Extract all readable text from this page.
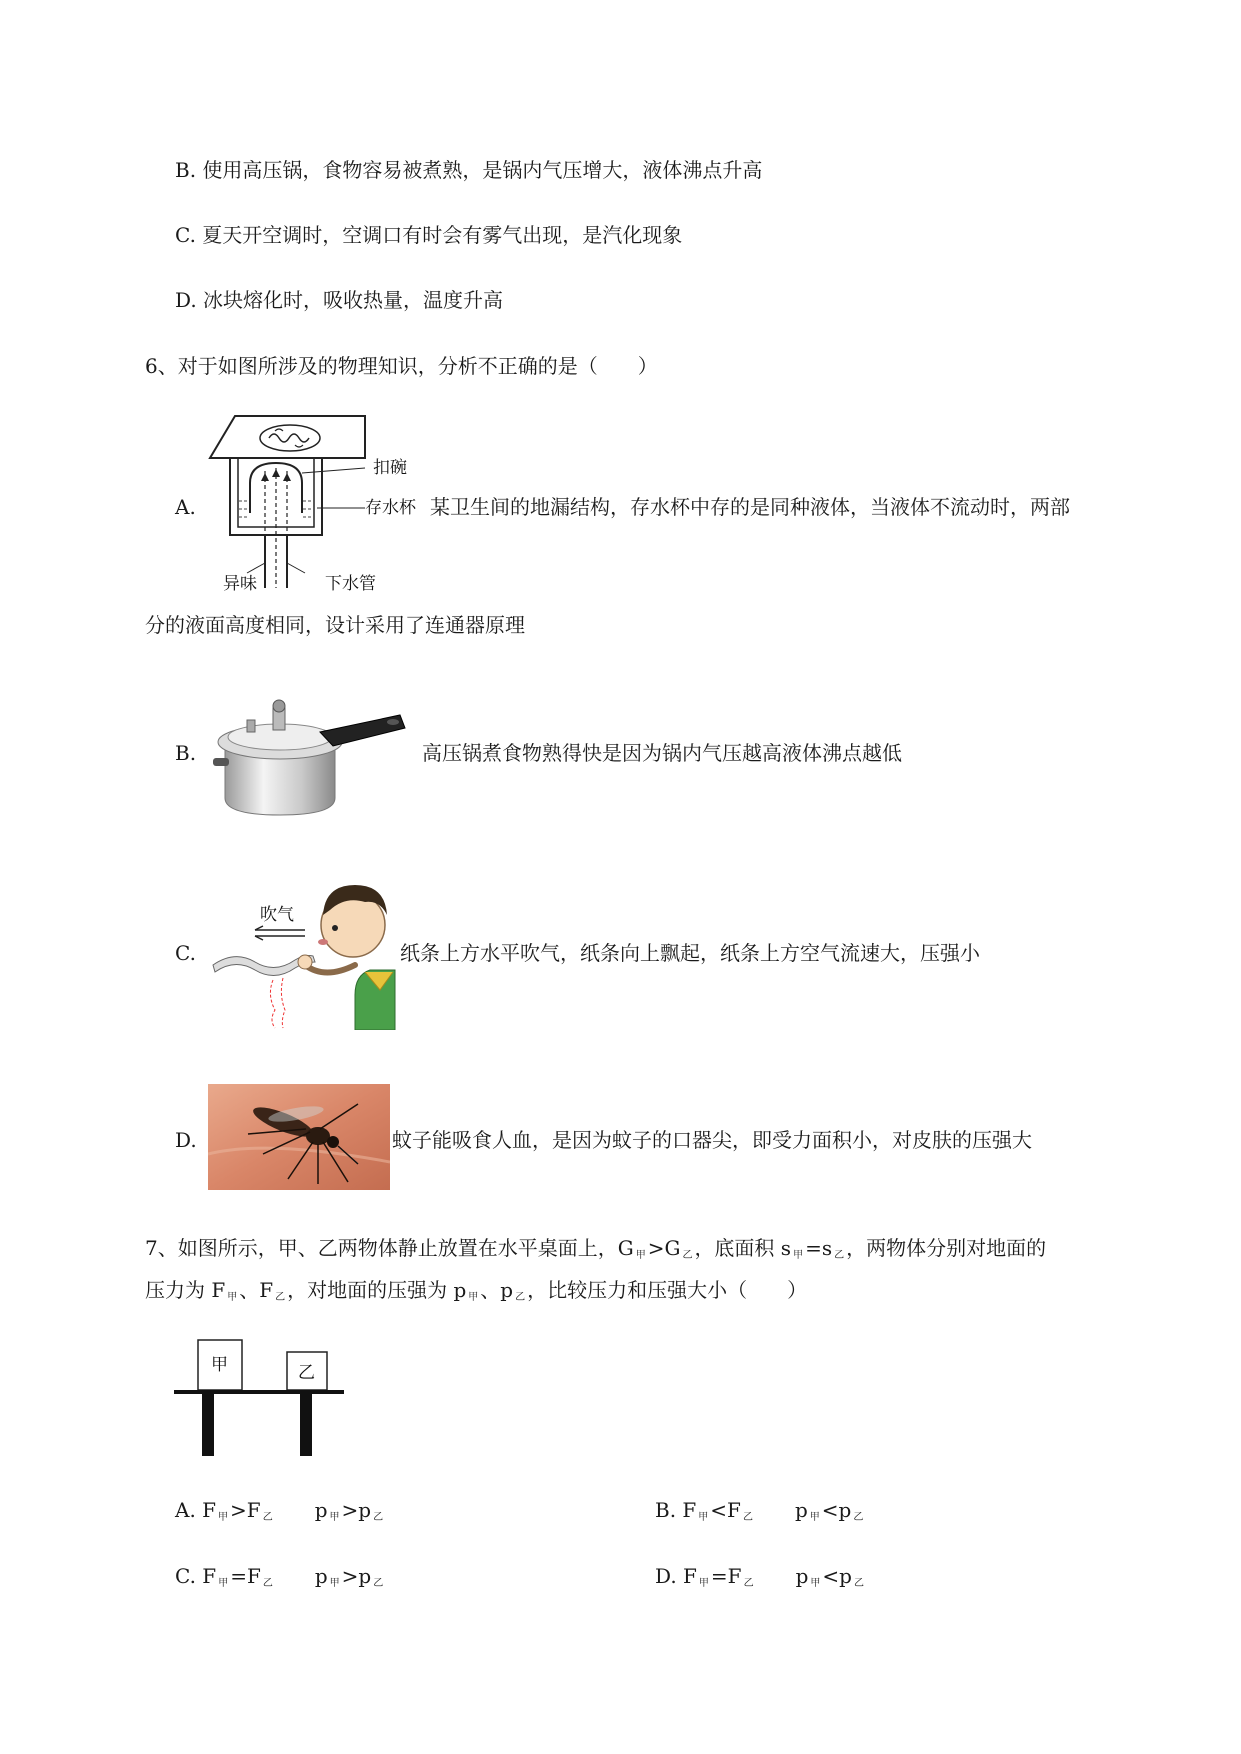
B. 使用高压锅，食物容易被煮熟，是锅内气压增大，液体沸点升高
C. 夏天开空调时，空调口有时会有雾气出现，是汽化现象
D. 冰块熔化时，吸收热量，温度升高
6、对于如图所涉及的物理知识，分析不正确的是（　　）
A.
扣碗
存水杯
异味	下水管
某卫生间的地漏结构，存水杯中存的是同种液体，当液体不流动时，两部
分的液面高度相同，设计采用了连通器原理
B.	高压锅煮食物熟得快是因为锅内气压越高液体沸点越低
C.
吹气
纸条上方水平吹气，纸条向上飘起，纸条上方空气流速大，压强小
D.	蚊子能吸食人血，是因为蚊子的口器尖，即受力面积小，对皮肤的压强大
7、如图所示，甲、乙两物体静止放置在水平桌面上，G $_甲$ >G $_乙$ ，底面积 s $_甲$ =s $_乙$ ，两物体分别对地面的
压力为 F $_甲$ 、F $_乙$ ，对地面的压强为 p $_甲$ 、p $_乙$ ，比较压力和压强大小（　　）
甲	乙
A. F $_甲$ >F $_乙$ p $_甲$ >p $_乙$	B. F $_甲$ <F $_乙$ p $_甲$ <p $_乙$
C. F $_甲$ =F $_乙$ p $_甲$ >p $_乙$	D. F $_甲$ =F $_乙$ p $_甲$ <p $_乙$
